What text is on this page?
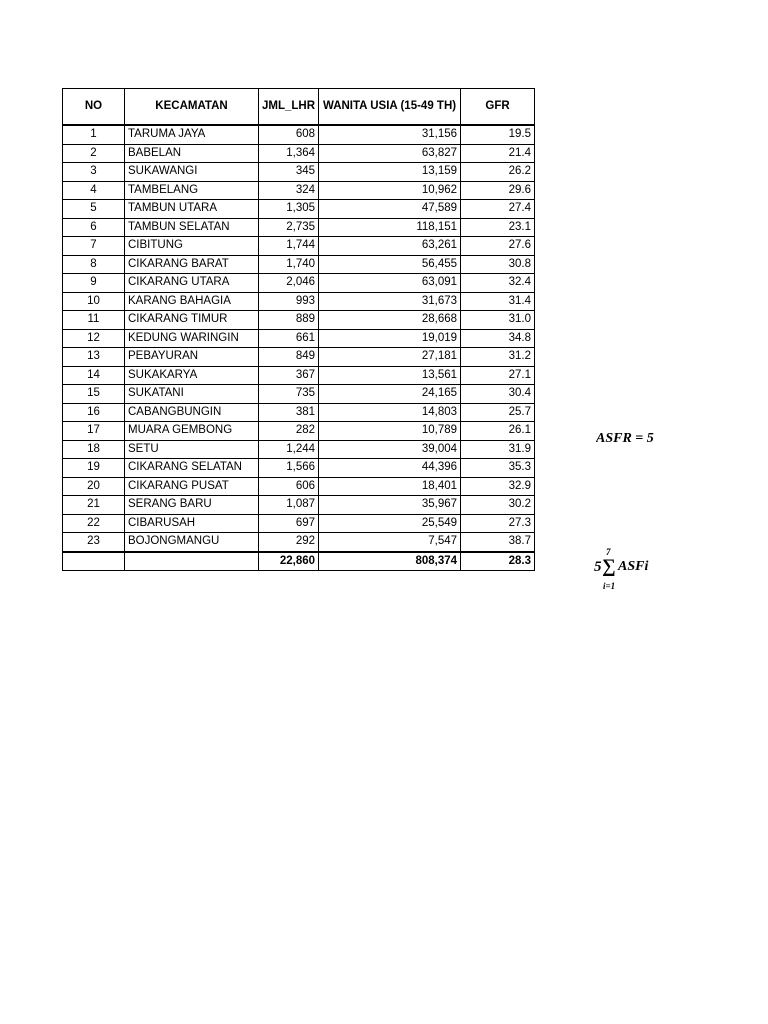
NO	KECAMATAN	JML_LHR	WANITA USIA (15-49 TH)	GFR
1	TARUMA JAYA	608	31,156	19.5
2	BABELAN	1,364	63,827	21.4
3	SUKAWANGI	345	13,159	26.2
4	TAMBELANG	324	10,962	29.6
5	TAMBUN UTARA	1,305	47,589	27.4
6	TAMBUN SELATAN	2,735	118,151	23.1
7	CIBITUNG	1,744	63,261	27.6
8	CIKARANG BARAT	1,740	56,455	30.8
9	CIKARANG UTARA	2,046	63,091	32.4
10	KARANG BAHAGIA	993	31,673	31.4
11	CIKARANG TIMUR	889	28,668	31.0
12	KEDUNG WARINGIN	661	19,019	34.8
13	PEBAYURAN	849	27,181	31.2
14	SUKAKARYA	367	13,561	27.1
15	SUKATANI	735	24,165	30.4
16	CABANGBUNGIN	381	14,803	25.7
17	MUARA GEMBONG	282	10,789	26.1
18	SETU	1,244	39,004	31.9
19	CIKARANG SELATAN	1,566	44,396	35.3
20	CIKARANG PUSAT	606	18,401	32.9
21	SERANG BARU	1,087	35,967	30.2
22	CIBARUSAH	697	25,549	27.3
23	BOJONGMANGU	292	7,547	38.7
		22,860	808,374	28.3
ASFR = 5
5
7
∑
i=1
ASFi
